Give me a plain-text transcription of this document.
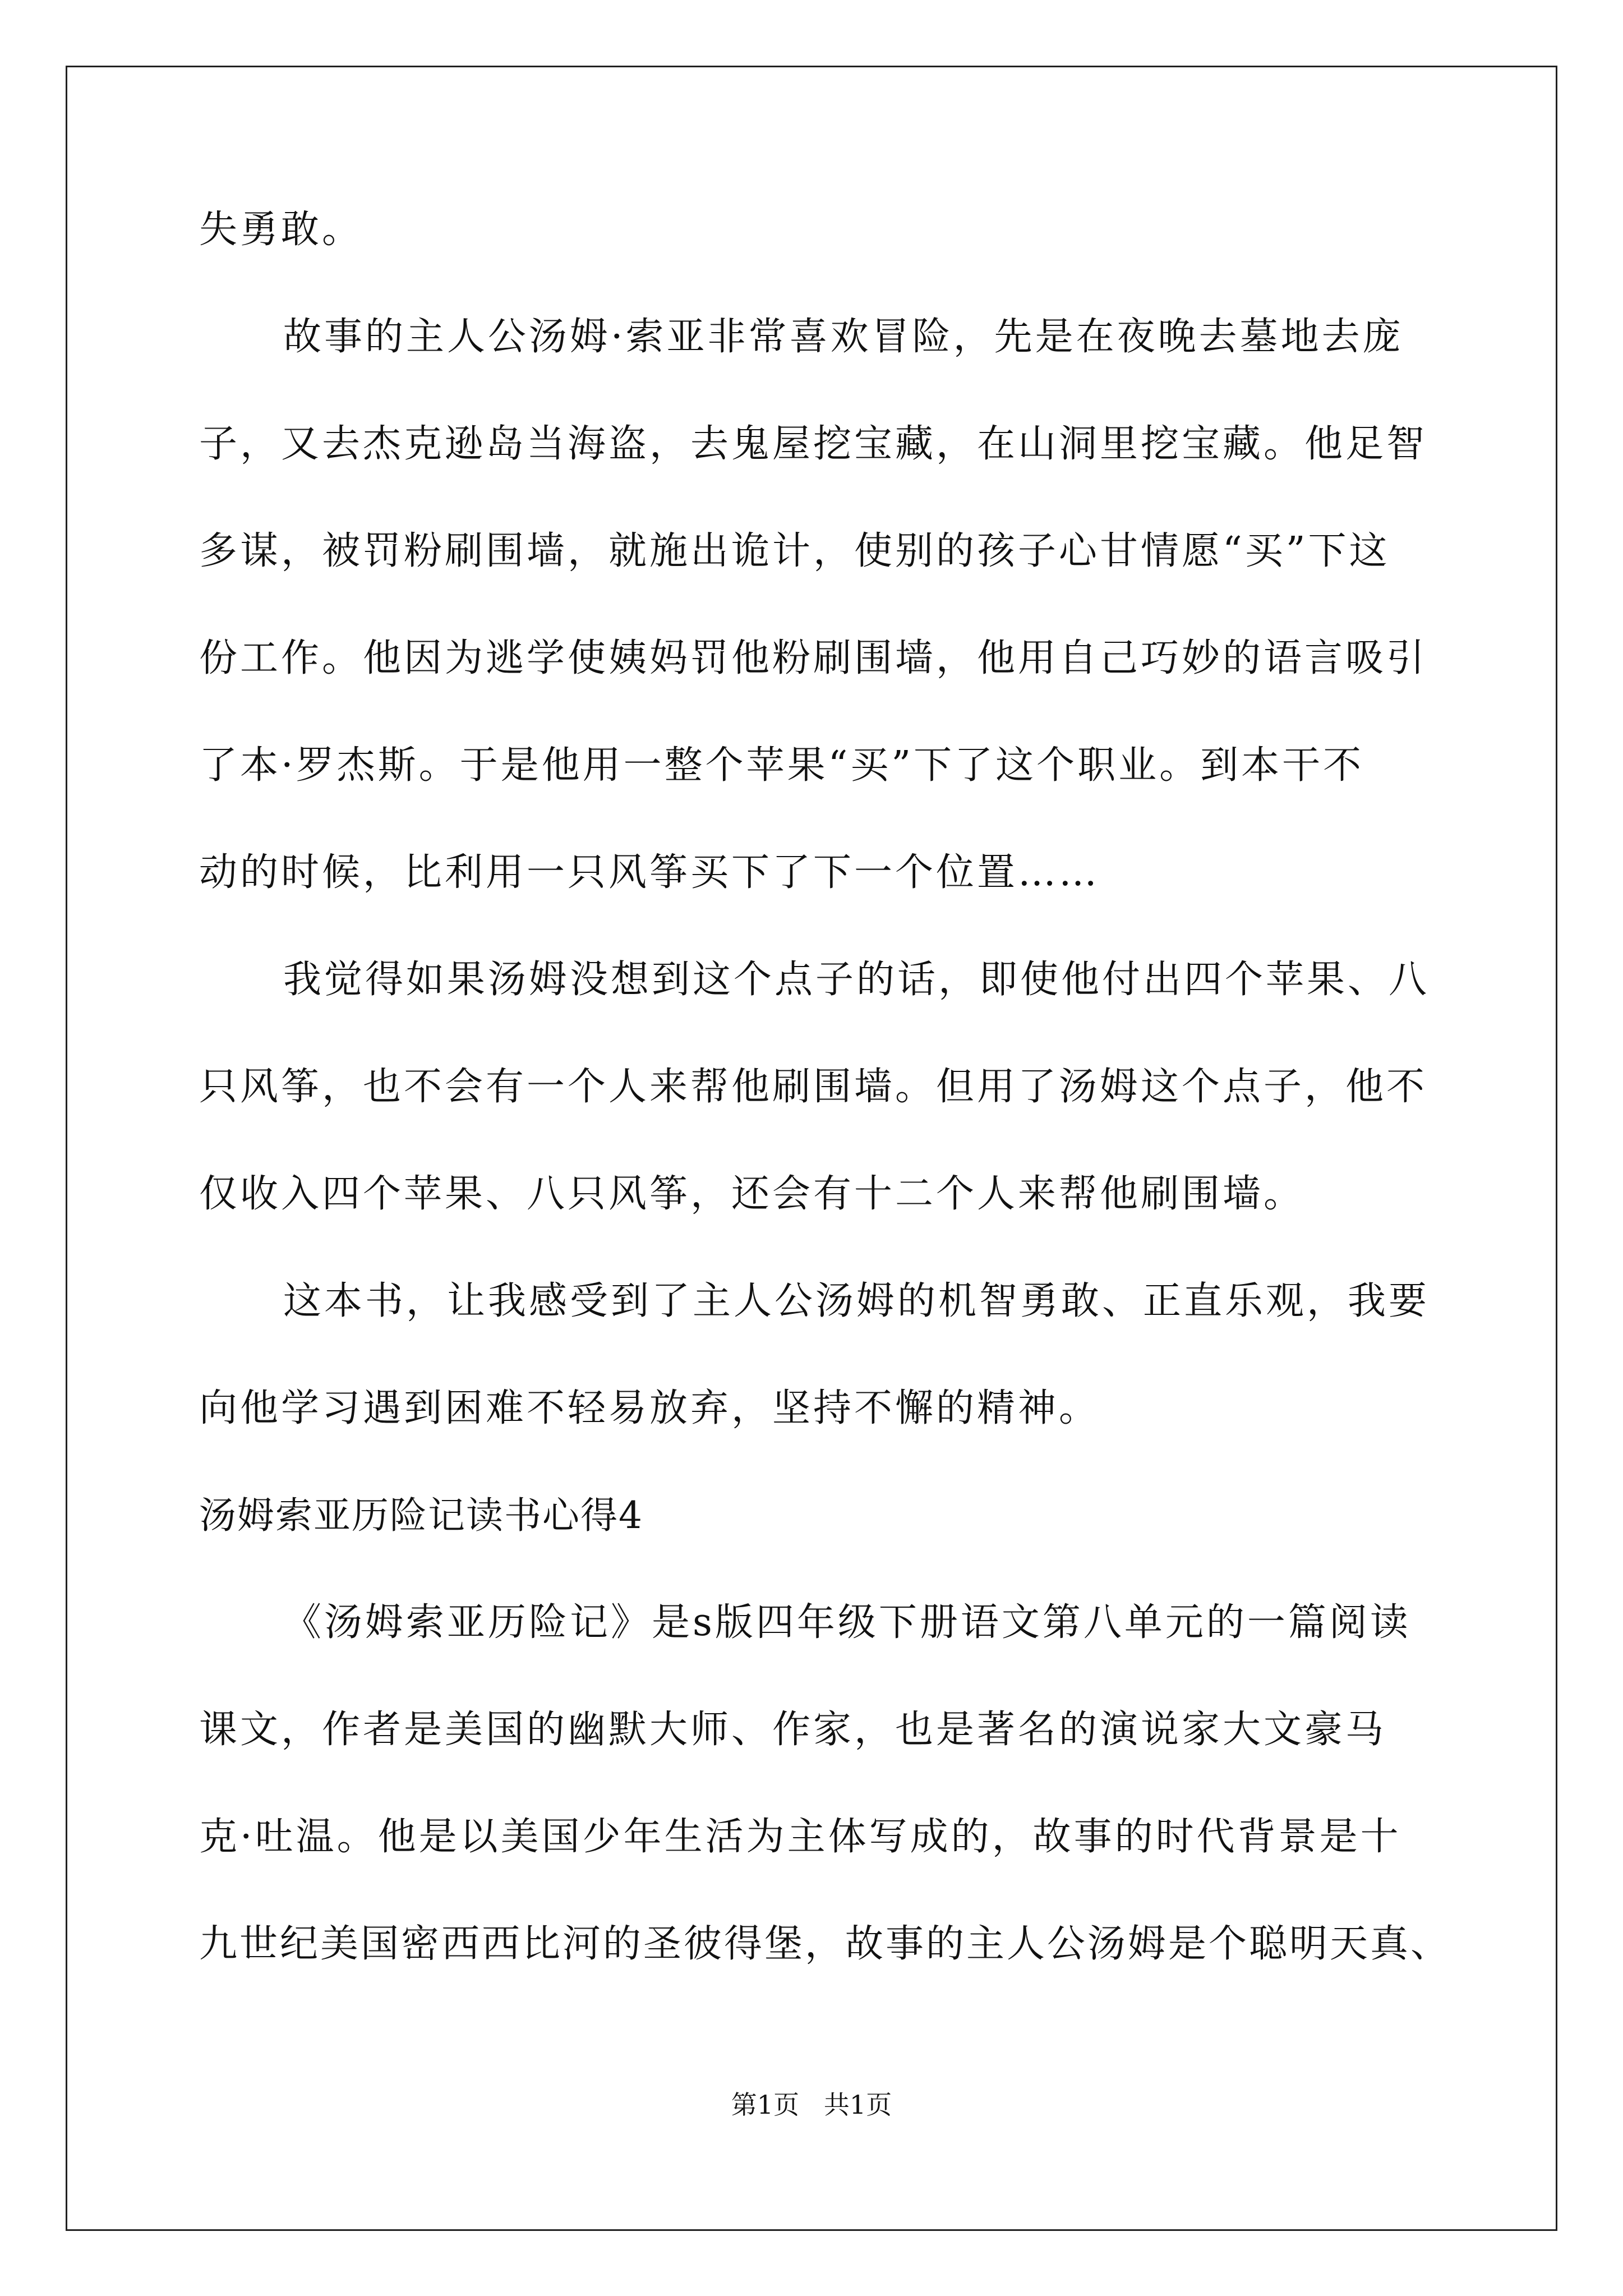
失勇敢。
故事的主人公汤姆·索亚非常喜欢冒险，先是在夜晚去墓地去庞
子，又去杰克逊岛当海盗，去鬼屋挖宝藏，在山洞里挖宝藏。他足智
多谋，被罚粉刷围墙，就施出诡计，使别的孩子心甘情愿“买”下这
份工作。他因为逃学使姨妈罚他粉刷围墙，他用自己巧妙的语言吸引
了本·罗杰斯。于是他用一整个苹果“买”下了这个职业。到本干不
动的时候，比利用一只风筝买下了下一个位置……
我觉得如果汤姆没想到这个点子的话，即使他付出四个苹果、八
只风筝，也不会有一个人来帮他刷围墙。但用了汤姆这个点子，他不
仅收入四个苹果、八只风筝，还会有十二个人来帮他刷围墙。
这本书，让我感受到了主人公汤姆的机智勇敢、正直乐观，我要
向他学习遇到困难不轻易放弃，坚持不懈的精神。
汤姆索亚历险记读书心得4
《汤姆索亚历险记》是s版四年级下册语文第八单元的一篇阅读
课文，作者是美国的幽默大师、作家，也是著名的演说家大文豪马
克·吐温。他是以美国少年生活为主体写成的，故事的时代背景是十
九世纪美国密西西比河的圣彼得堡，故事的主人公汤姆是个聪明天真、
第1页   共1页
